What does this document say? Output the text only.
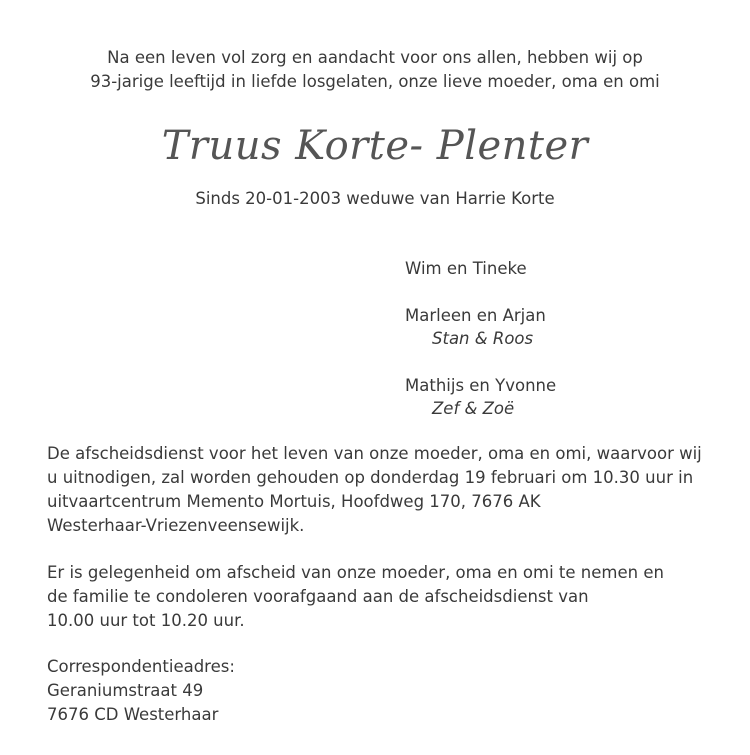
Na een leven vol zorg en aandacht voor ons allen, hebben wij op
93-jarige leeftijd in liefde losgelaten, onze lieve moeder, oma en omi
Truus Korte- Plenter
Sinds 20-01-2003 weduwe van Harrie Korte
Wim en Tineke
Marleen en Arjan
Stan & Roos
Mathijs en Yvonne
Zef & Zoë
De afscheidsdienst voor het leven van onze moeder, oma en omi, waarvoor wij
u uitnodigen, zal worden gehouden op donderdag 19 februari om 10.30 uur in
uitvaartcentrum Memento Mortuis, Hoofdweg 170, 7676 AK
Westerhaar-Vriezenveensewijk.
Er is gelegenheid om afscheid van onze moeder, oma en omi te nemen en
de familie te condoleren voorafgaand aan de afscheidsdienst van
10.00 uur tot 10.20 uur.
Correspondentieadres:
Geraniumstraat 49
7676 CD Westerhaar
